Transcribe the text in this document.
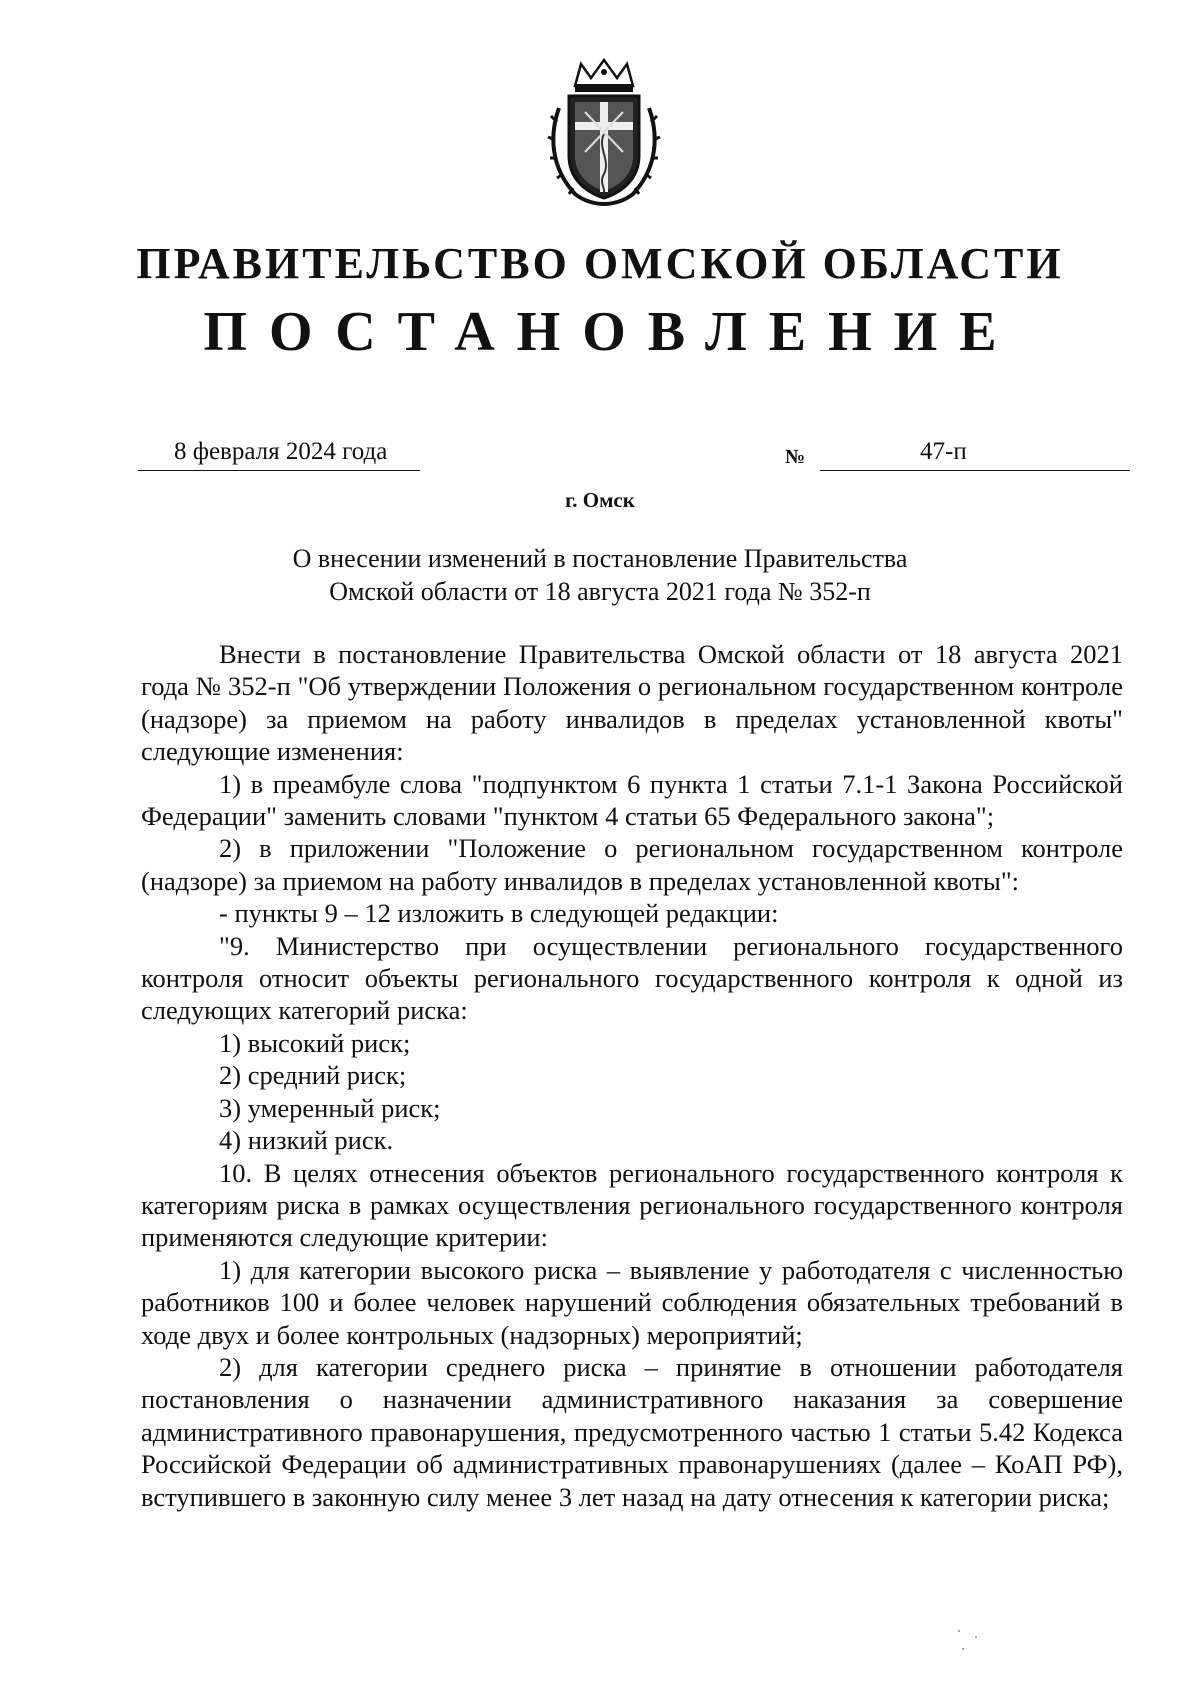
ПРАВИТЕЛЬСТВО ОМСКОЙ ОБЛАСТИ
ПОСТАНОВЛЕНИЕ
8 февраля 2024 года	№	47-п
г. Омск
О внесении изменений в постановление Правительства
Омской области от 18 августа 2021 года № 352-п

Внести в постановление Правительства Омской области от 18 августа 2021 года № 352-п "Об утверждении Положения о региональном государственном контроле (надзоре) за приемом на работу инвалидов в пределах установленной квоты" следующие изменения:

1) в преамбуле слова "подпунктом 6 пункта 1 статьи 7.1-1 Закона Российской Федерации" заменить словами "пунктом 4 статьи 65 Федерального закона";

2) в приложении "Положение о региональном государственном контроле (надзоре) за приемом на работу инвалидов в пределах установленной квоты":

- пункты 9 – 12 изложить в следующей редакции:

"9. Министерство при осуществлении регионального государственного контроля относит объекты регионального государственного контроля к одной из следующих категорий риска:

1) высокий риск;

2) средний риск;

3) умеренный риск;

4) низкий риск.

10. В целях отнесения объектов регионального государственного контроля к категориям риска в рамках осуществления регионального государственного контроля применяются следующие критерии:

1) для категории высокого риска – выявление у работодателя с численностью работников 100 и более человек нарушений соблюдения обязательных требований в ходе двух и более контрольных (надзорных) мероприятий;

2) для категории среднего риска – принятие в отношении работодателя постановления о назначении административного наказания за совершение административного правонарушения, предусмотренного частью 1 статьи 5.42 Кодекса Российской Федерации об административных правонарушениях (далее – КоАП РФ), вступившего в законную силу менее 3 лет назад на дату отнесения к категории риска;
